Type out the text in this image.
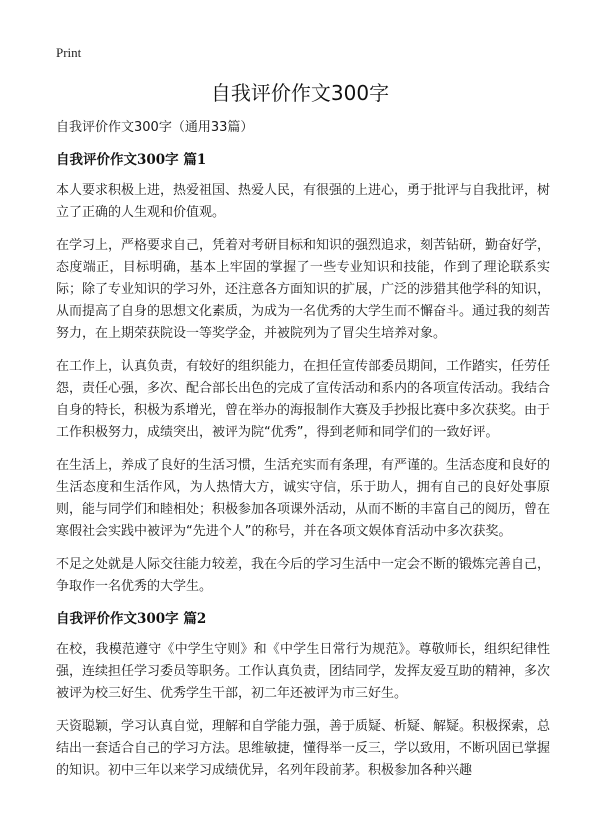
Print
自我评价作文300字

自我评价作文300字（通用33篇）

自我评价作文300字 篇1

本人要求积极上进，热爱祖国、热爱人民，有很强的上进心，勇于批评与自我批评，树立了正确的人生观和价值观。

在学习上，严格要求自己，凭着对考研目标和知识的强烈追求，刻苦钻研，勤奋好学，态度端正，目标明确，基本上牢固的掌握了一些专业知识和技能，作到了理论联系实际；除了专业知识的学习外，还注意各方面知识的扩展，广泛的涉猎其他学科的知识，从而提高了自身的思想文化素质，为成为一名优秀的大学生而不懈奋斗。通过我的刻苦努力，在上期荣获院设一等奖学金，并被院列为了冒尖生培养对象。

在工作上，认真负责，有较好的组织能力，在担任宣传部委员期间，工作踏实，任劳任怨，责任心强，多次、配合部长出色的完成了宣传活动和系内的各项宣传活动。我结合自身的特长，积极为系增光，曾在举办的海报制作大赛及手抄报比赛中多次获奖。由于工作积极努力，成绩突出，被评为院“优秀”，得到老师和同学们的一致好评。

在生活上，养成了良好的生活习惯，生活充实而有条理，有严谨的。生活态度和良好的生活态度和生活作风，为人热情大方，诚实守信，乐于助人，拥有自己的良好处事原则，能与同学们和睦相处；积极参加各项课外活动，从而不断的丰富自己的阅历，曾在寒假社会实践中被评为“先进个人”的称号，并在各项文娱体育活动中多次获奖。

不足之处就是人际交往能力较差，我在今后的学习生活中一定会不断的锻炼完善自己，争取作一名优秀的大学生。

自我评价作文300字 篇2

在校，我模范遵守《中学生守则》和《中学生日常行为规范》。尊敬师长，组织纪律性强，连续担任学习委员等职务。工作认真负责，团结同学，发挥友爱互助的精神，多次被评为校三好生、优秀学生干部，初二年还被评为市三好生。

天资聪颖，学习认真自觉，理解和自学能力强，善于质疑、析疑、解疑。积极探索，总结出一套适合自己的学习方法。思维敏捷，懂得举一反三，学以致用，不断巩固已掌握的知识。初中三年以来学习成绩优异，名列年段前茅。积极参加各种兴趣
